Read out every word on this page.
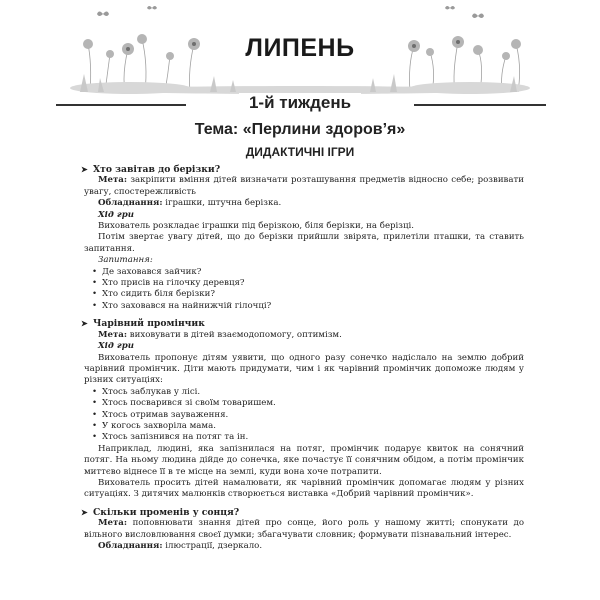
ЛИПЕНЬ
1-й тиждень
Тема: «Перлини здоров’я»
ДИДАКТИЧНІ ІГРИ
➤ Хто завітав до берізки?

Мета: закріпити вміння дітей визначати розташування предметів відносно себе; розвивати увагу, спостережливість

Обладнання: іграшки, штучна берізка.

Хід гри

Вихователь розкладає іграшки під берізкою, біля берізки, на берізці.

Потім звертає увагу дітей, що до берізки прийшли звірята, прилетіли пташки, та ставить запитання.

Запитання:
• Де заховався зайчик?
• Хто присів на гілочку деревця?
• Хто сидить біля берізки?
• Хто заховався на найнижчій гілочці?
➤ Чарівний промінчик

Мета: виховувати в дітей взаємодопомогу, оптимізм.

Хід гри

Вихователь пропонує дітям уявити, що одного разу сонечко надіслало на землю добрий чарівний промінчик. Діти мають придумати, чим і як чарівний промінчик допоможе людям у різних ситуаціях:

• Хтось заблукав у лісі.
• Хтось посварився зі своїм товаришем.
• Хтось отримав зауваження.
• У когось захворіла мама.
• Хтось запізнився на потяг та ін.

Наприклад, людині, яка запізнилася на потяг, промінчик подарує квиток на сонячний потяг. На ньому людина дійде до сонечка, яке почастує її сонячним обідом, а потім промінчик миттєво віднесе її в те місце на землі, куди вона хоче потрапити.

Вихователь просить дітей намалювати, як чарівний промінчик допомагає людям у різних ситуаціях. З дитячих малюнків створюється виставка «Добрий чарівний промінчик».

➤ Скільки променів у сонця?

Мета: поповнювати знання дітей про сонце, його роль у нашому житті; спонукати до вільного висловлювання своєї думки; збагачувати словник; формувати пізнавальний інтерес.

Обладнання: ілюстрації, дзеркало.
